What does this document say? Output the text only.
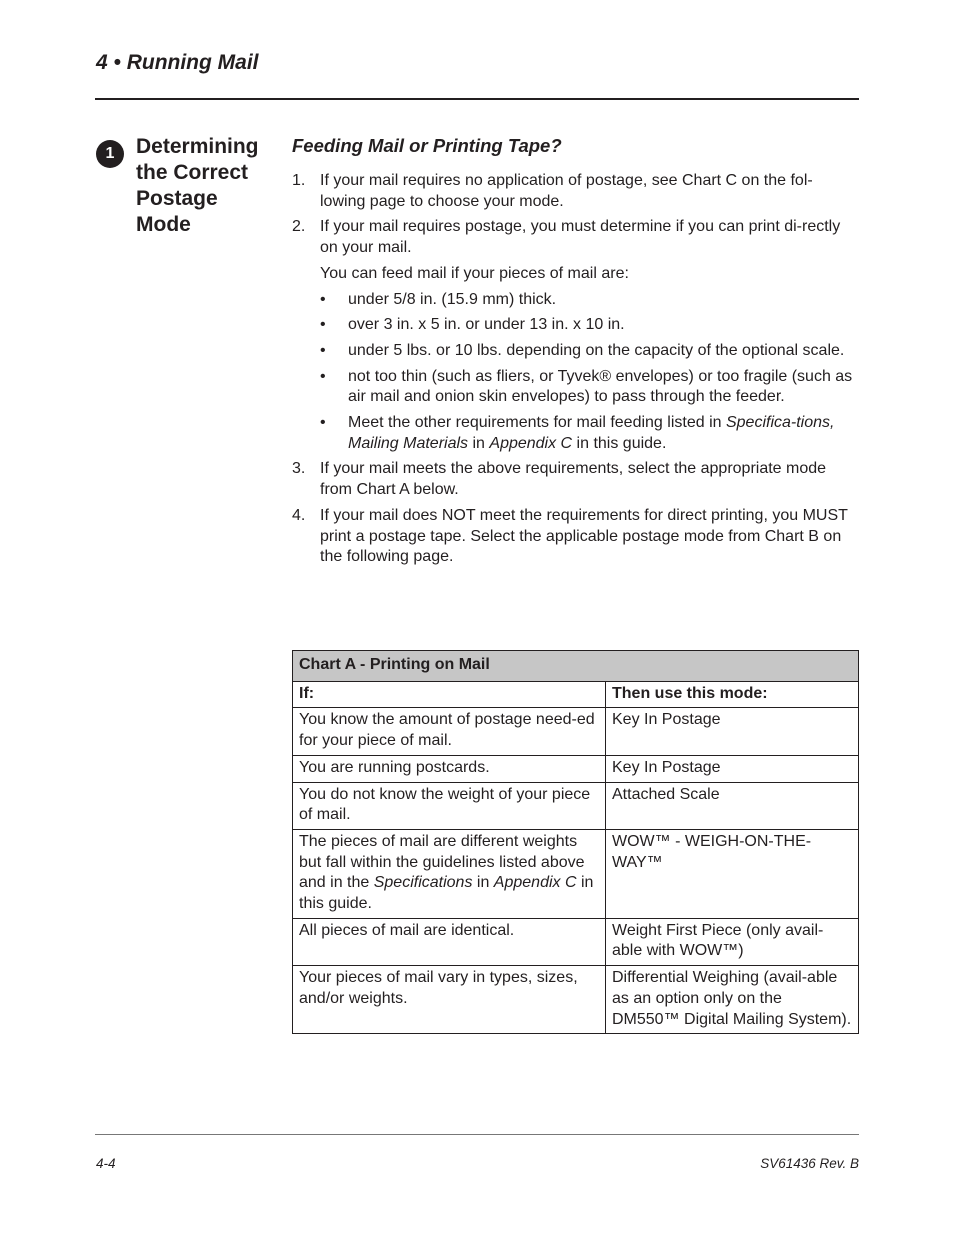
4 • Running Mail
1	Determining the Correct Postage Mode
Feeding Mail or Printing Tape?
1. If your mail requires no application of postage, see Chart C on the fol-lowing page to choose your mode.
2. If your mail requires postage, you must determine if you can print di-rectly on your mail.
You can feed mail if your pieces of mail are:
• under 5/8 in. (15.9 mm) thick.
• over 3 in. x 5 in. or under 13 in. x 10 in.
• under 5 lbs. or 10 lbs. depending on the capacity of the optional scale.
• not too thin (such as fliers, or Tyvek® envelopes) or too fragile (such as air mail and onion skin envelopes) to pass through the feeder.
• Meet the other requirements for mail feeding listed in Specifica-tions, Mailing Materials in Appendix C in this guide.
3. If your mail meets the above requirements, select the appropriate mode from Chart A below.
4. If your mail does NOT meet the requirements for direct printing, you MUST print a postage tape. Select the applicable postage mode from Chart B on the following page.
Chart A - Printing on Mail	
If:	Then use this mode:
You know the amount of postage need-ed for your piece of mail.	Key In Postage
You are running postcards.	Key In Postage
You do not know the weight of your piece of mail.	Attached Scale
The pieces of mail are different weights but fall within the guidelines listed above and in the Specifications in Appendix C in this guide.	WOW™ - WEIGH-ON-THE-WAY™
All pieces of mail are identical.	Weight First Piece (only avail-able with WOW™)
Your pieces of mail vary in types, sizes, and/or weights.	Differential Weighing (avail-able as an option only on the DM550™ Digital Mailing System).
4-4	SV61436 Rev. B
